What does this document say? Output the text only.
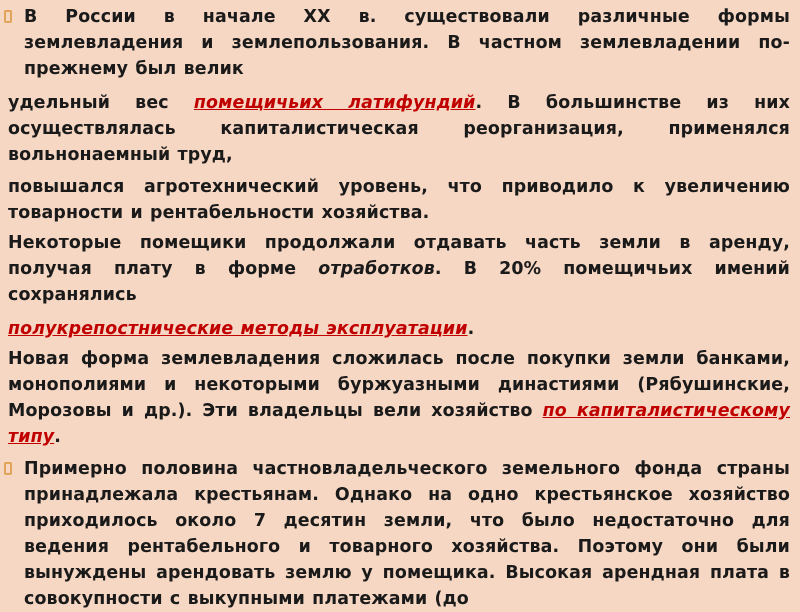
В России в начале XX в. существовали различные формы землевладения и землепользования. В частном землевладении по-прежнему был велик
удельный вес помещичьих латифундий. В большинстве из них осуществлялась капиталистическая реорганизация, применялся вольнонаемный труд,
повышался агротехнический уровень, что приводило к увеличению товарности и рентабельности хозяйства.
Некоторые помещики продолжали отдавать часть земли в аренду, получая плату в форме отработков. В 20% помещичьих имений сохранялись
полукрепостнические методы эксплуатации.
Новая форма землевладения сложилась после покупки земли банками, монополиями и некоторыми буржуазными династиями (Рябушинские, Морозовы и др.). Эти владельцы вели хозяйство по капиталистическому типу.
Примерно половина частновладельческого земельного фонда страны принадлежала крестьянам. Однако на одно крестьянское хозяйство приходилось около 7 десятин земли, что было недостаточно для ведения рентабельного и товарного хозяйства. Поэтому они были вынуждены арендовать землю у помещика. Высокая арендная плата в совокупности с выкупными платежами (до
